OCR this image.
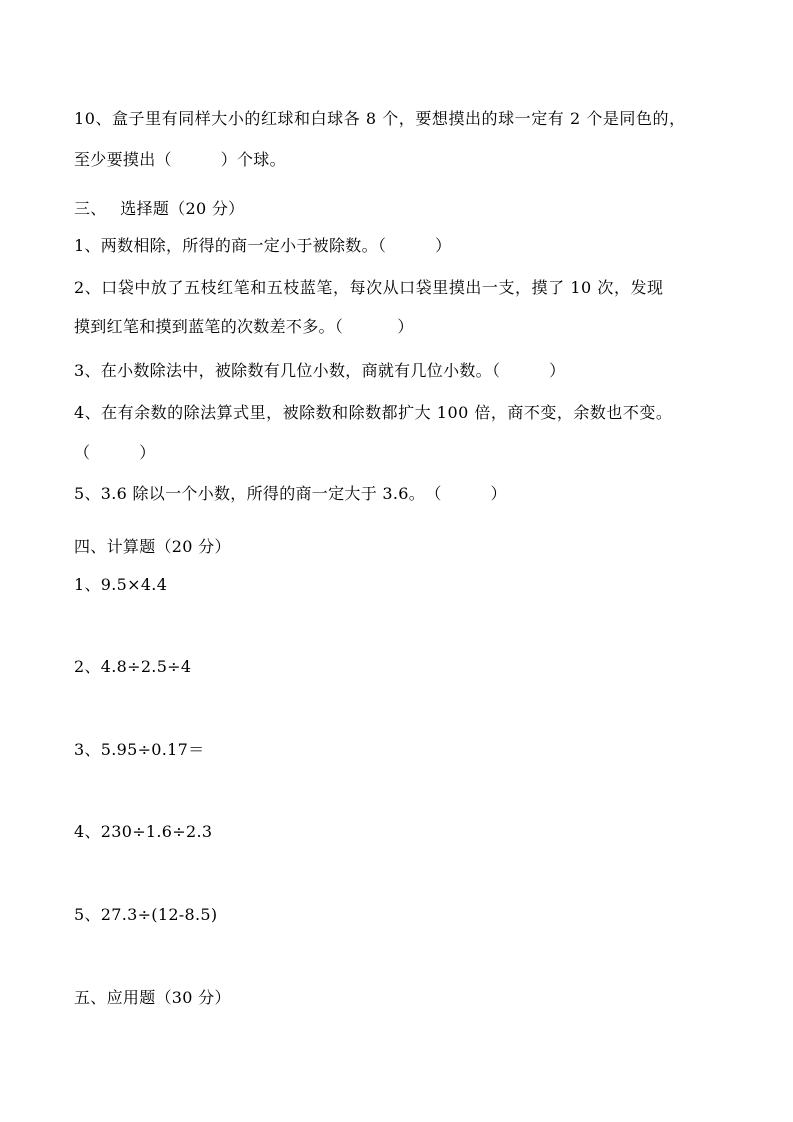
10、盒子里有同样大小的红球和白球各 8 个，要想摸出的球一定有 2 个是同色的，
至少要摸出（　　　）个球。
三、　 选择题（20 分）
1、两数相除，所得的商一定小于被除数。（　　　）
2、口袋中放了五枝红笔和五枝蓝笔，每次从口袋里摸出一支，摸了 10 次，发现
摸到红笔和摸到蓝笔的次数差不多。（　　　 ）
3、在小数除法中，被除数有几位小数，商就有几位小数。（　　　）
4、在有余数的除法算式里，被除数和除数都扩大 100 倍，商不变，余数也不变。
（　　　）
5、3.6 除以一个小数，所得的商一定大于 3.6。　（　　　）
四、计算题（20 分）
1、9.5×4.4
2、4.8÷2.5÷4
3、5.95÷0.17＝
4、230÷1.6÷2.3
5、27.3÷(12-8.5)
五、应用题（30 分）
